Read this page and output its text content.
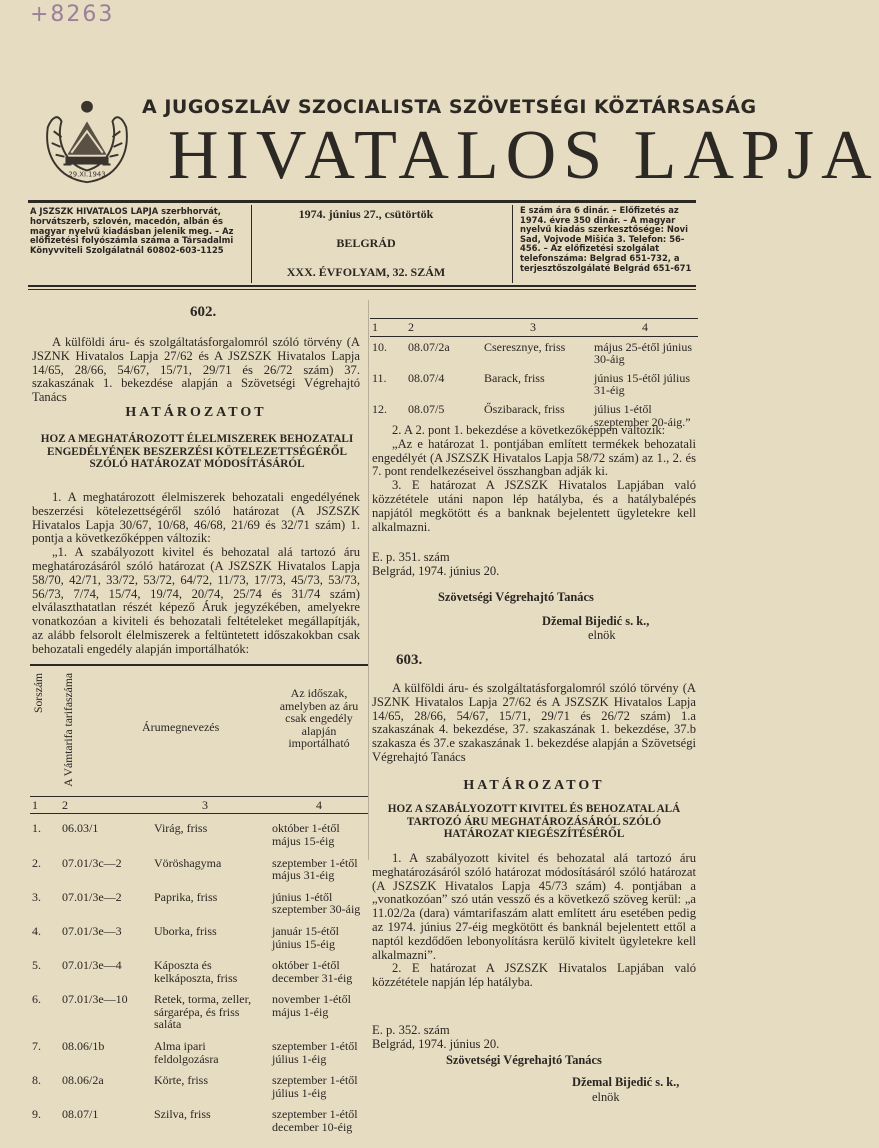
+8263
29.XI.1943
A JUGOSZLÁV SZOCIALISTA SZÖVETSÉGI KÖZTÁRSASÁG
HIVATALOS LAPJA
A JSZSZK HIVATALOS LAPJA szerbhorvát, horvátszerb, szlovén, macedón, albán és magyar nyelvű kiadásban jelenik meg. – Az előfizetési folyószámla száma a Társadalmi Könyvviteli Szolgálatnál 60802-603-1125
1974. június 27., csütörtök
BELGRÁD
XXX. ÉVFOLYAM, 32. SZÁM
E szám ára 6 dinár. – Előfizetés az 1974. évre 350 dinár. – A magyar nyelvű kiadás szerkesztősége: Novi Sad, Vojvode Mišića 3. Telefon: 56-456. – Az előfizetési szolgálat telefonszáma: Belgrad 651-732, a terjesztőszolgálaté Belgrád 651-671
602.

A külföldi áru- és szolgáltatásforgalomról szóló törvény (A JSZNK Hivatalos Lapja 27/62 és A JSZSZK Hivatalos Lapja 14/65, 28/66, 54/67, 15/71, 29/71 és 26/72 szám) 37. szakaszának 1. bekezdése alapján a Szövetségi Végrehajtó Tanács

HATÁROZATOT
HOZ A MEGHATÁROZOTT ÉLELMISZEREK BEHOZATALI ENGEDÉLYÉNEK BESZERZÉSI KÖTELEZETTSÉGÉRŐL SZÓLÓ HATÁROZAT MÓDOSÍTÁSÁRÓL

1. A meghatározott élelmiszerek behozatali engedélyének beszerzési kötelezettségéről szóló határozat (A JSZSZK Hivatalos Lapja 30/67, 10/68, 46/68, 21/69 és 32/71 szám) 1. pontja a következőképpen változik:

„1. A szabályozott kivitel és behozatal alá tartozó áru meghatározásáról szóló határozat (A JSZSZK Hivatalos Lapja 58/70, 42/71, 33/72, 53/72, 64/72, 11/73, 17/73, 45/73, 53/73, 56/73, 7/74, 15/74, 19/74, 20/74, 25/74 és 31/74 szám) elválaszthatatlan részét képező Áruk jegyzékében, amelyekre vonatkozóan a kiviteli és behozatali feltételeket megállapítják, az alább felsorolt élelmiszerek a feltüntetett időszakokban csak behozatali engedély alapján importálhatók:

Sorszám	A Vámtarifa tarifaszáma	Árumegnevezés	Az időszak, amelyben az áru csak engedély alapján importálható
1	2	3	4
1.	06.03/1	Virág, friss	október 1-étől május 15-éig
2.	07.01/3c—2	Vöröshagyma	szeptember 1-étől május 31-éig
3.	07.01/3e—2	Paprika, friss	június 1-étől szeptember 30-áig
4.	07.01/3e—3	Uborka, friss	január 15-étől június 15-éig
5.	07.01/3e—4	Káposzta és kelkáposzta, friss	október 1-étől december 31-éig
6.	07.01/3e—10	Retek, torma, zeller, sárgarépa, és friss saláta	november 1-étől május 1-éig
7.	08.06/1b	Alma ipari feldolgozásra	szeptember 1-étől július 1-éig
8.	08.06/2a	Körte, friss	szeptember 1-étől július 1-éig
9.	08.07/1	Szilva, friss	szeptember 1-étől december 10-éig
1	2	3	4
10.	08.07/2a	Cseresznye, friss	május 25-étől június 30-áig
11.	08.07/4	Barack, friss	június 15-étől július 31-éig
12.	08.07/5	Őszibarack, friss	július 1-étől szeptember 20-áig.”

2. A 2. pont 1. bekezdése a következőképpen változik:

„Az e határozat 1. pontjában említett termékek behozatali engedélyét (A JSZSZK Hivatalos Lapja 58/72 szám) az 1., 2. és 7. pont rendelkezéseivel összhangban adják ki.

3. E határozat A JSZSZK Hivatalos Lapjában való közzététele utáni napon lép hatályba, és a hatálybalépés napjától megkötött és a banknak bejelentett ügyletekre kell alkalmazni.

E. p. 351. szám
Belgrád, 1974. június 20.
Szövetségi Végrehajtó Tanács
Džemal Bijedić s. k.,
elnök
603.

A külföldi áru- és szolgáltatásforgalomról szóló törvény (A JSZNK Hivatalos Lapja 27/62 és A JSZSZK Hivatalos Lapja 14/65, 28/66, 54/67, 15/71, 29/71 és 26/72 szám) 1.a szakaszának 4. bekezdése, 37. szakaszának 1. bekezdése, 37.b szakasza és 37.e szakaszának 1. bekezdése alapján a Szövetségi Végrehajtó Tanács

HATÁROZATOT
HOZ A SZABÁLYOZOTT KIVITEL ÉS BEHOZATAL ALÁ TARTOZÓ ÁRU MEGHATÁROZÁSÁRÓL SZÓLÓ HATÁROZAT KIEGÉSZÍTÉSÉRŐL

1. A szabályozott kivitel és behozatal alá tartozó áru meghatározásáról szóló határozat módosításáról szóló határozat (A JSZSZK Hivatalos Lapja 45/73 szám) 4. pontjában a „vonatkozóan” szó után vessző és a következő szöveg kerül: „a 11.02/2a (dara) vámtarifaszám alatt említett áru esetében pedig az 1974. június 27-éig megkötött és banknál bejelentett ettől a naptól kezdődően lebonyolításra kerülő kivitelt ügyletekre kell alkalmazni”.

2. E határozat A JSZSZK Hivatalos Lapjában való közzététele napján lép hatályba.

E. p. 352. szám
Belgrád, 1974. június 20.
Szövetségi Végrehajtó Tanács
Džemal Bijedić s. k.,
elnök
